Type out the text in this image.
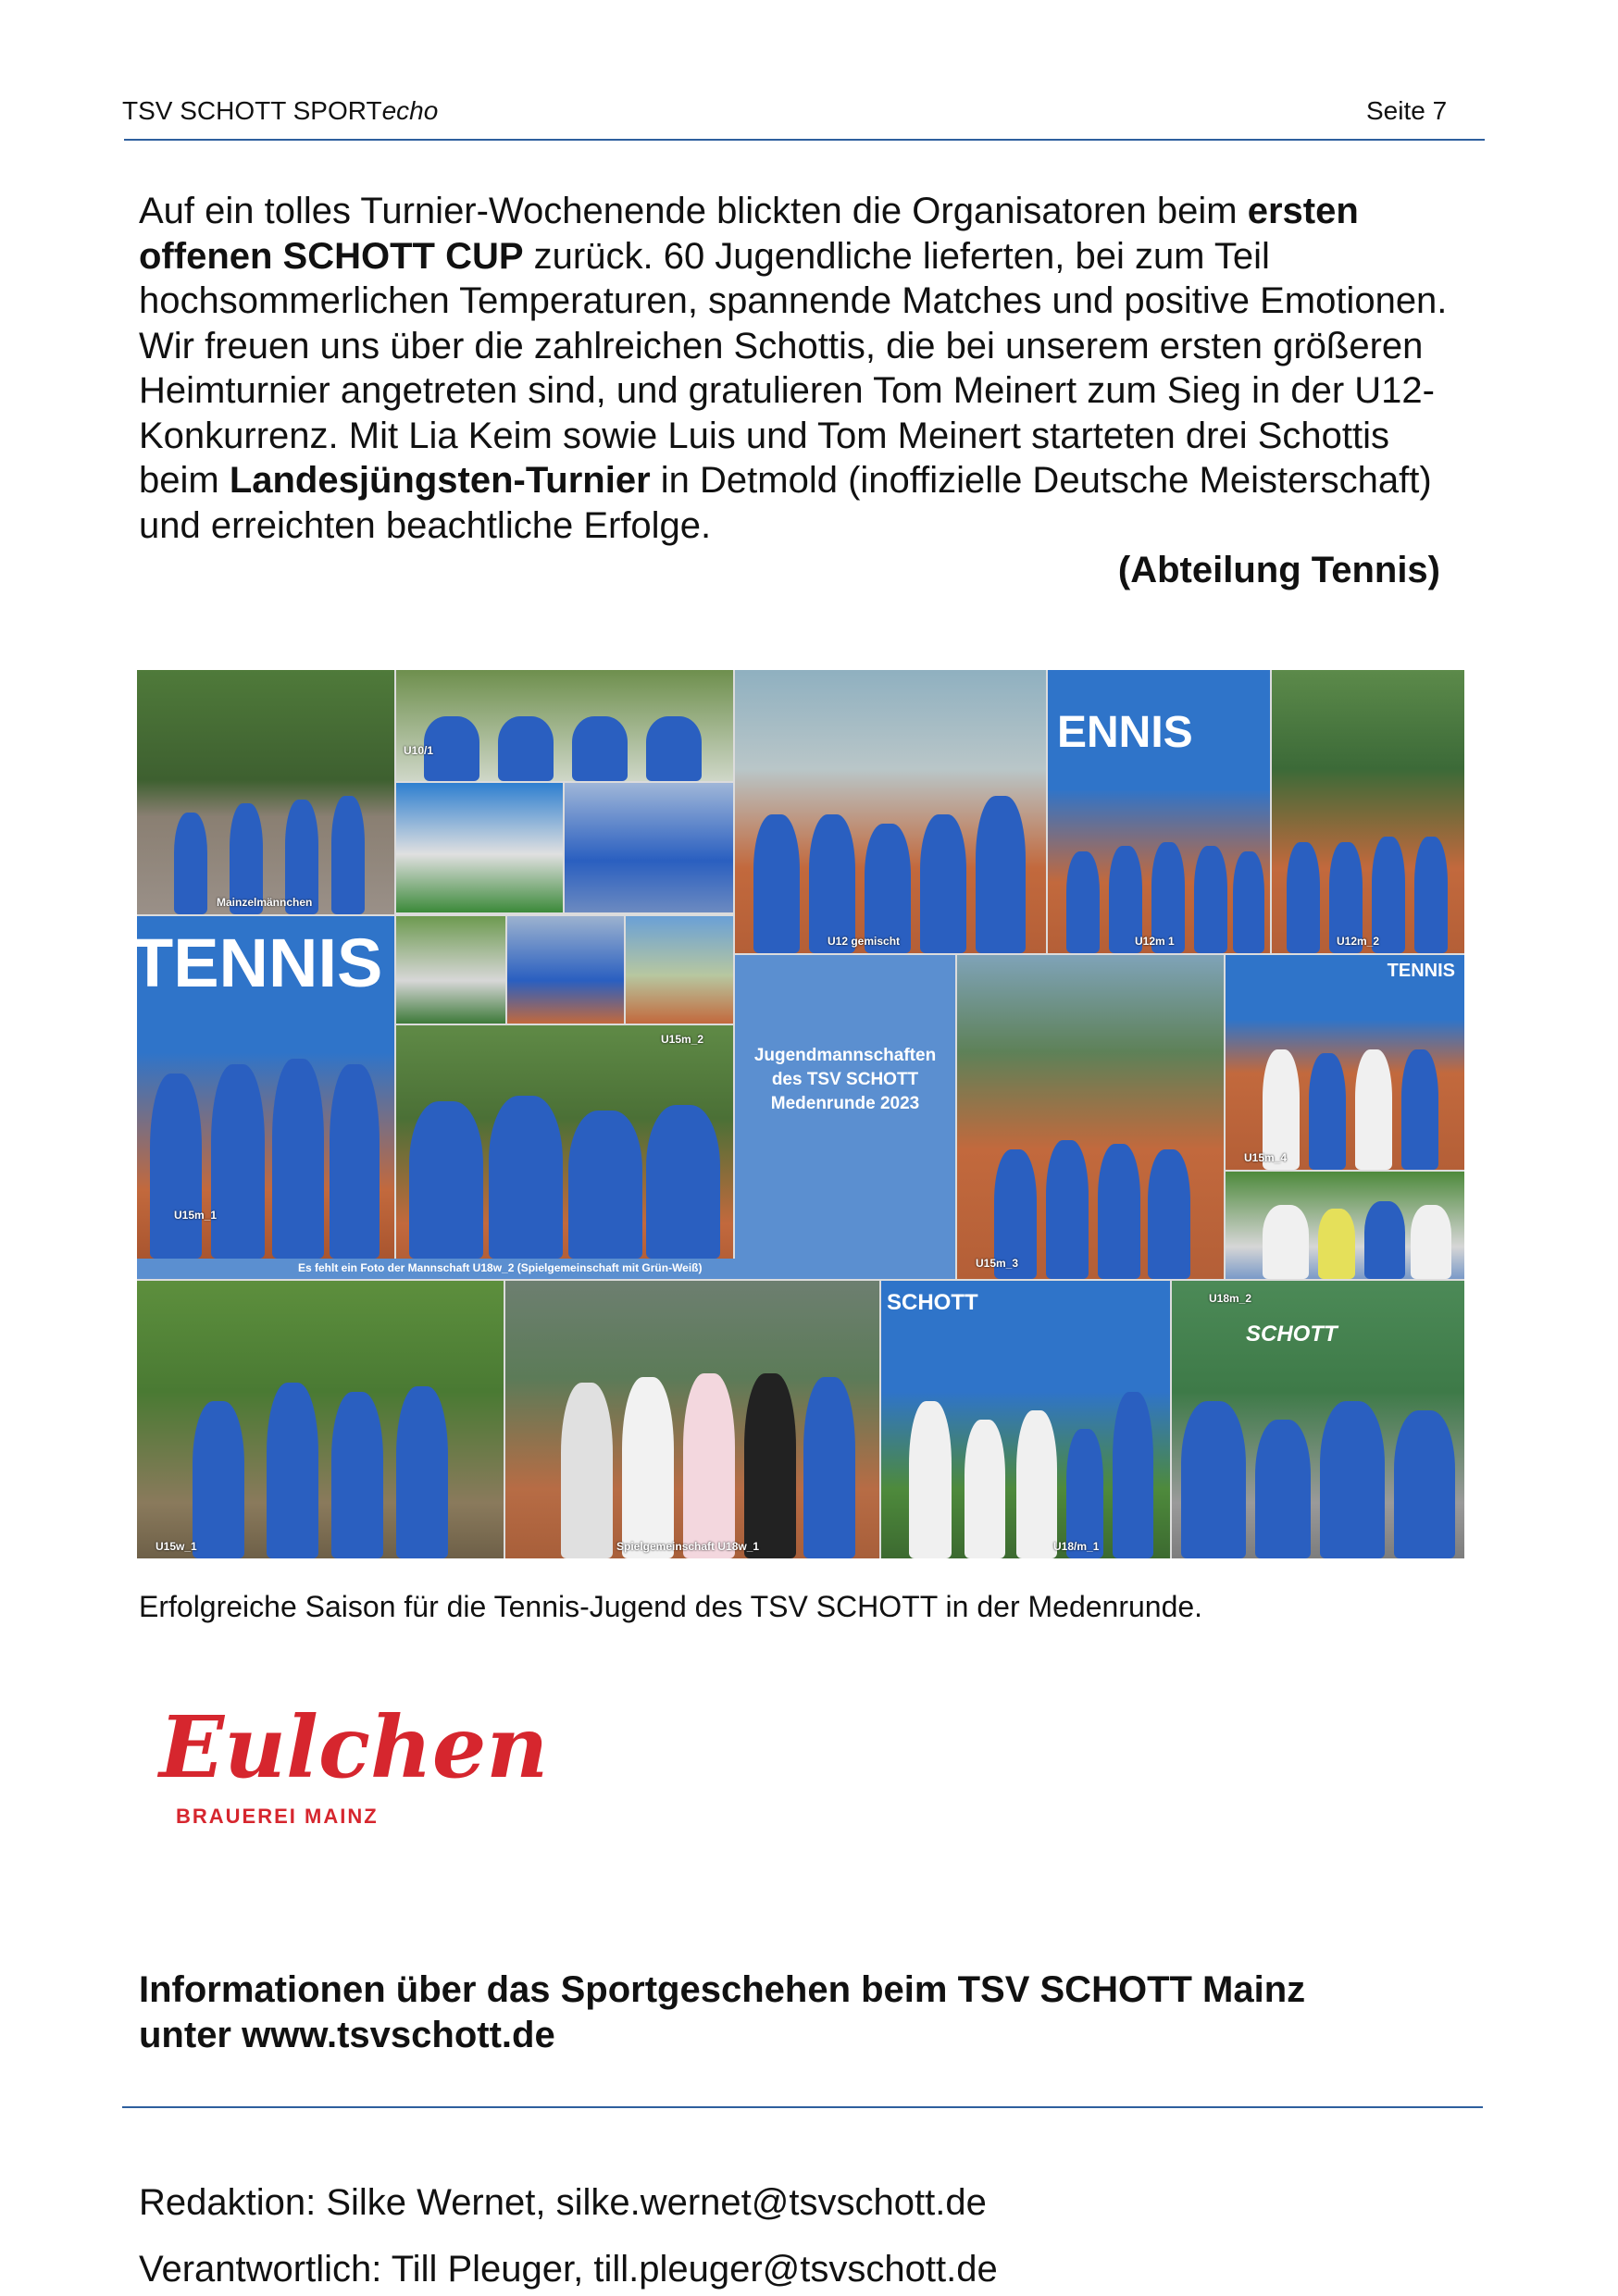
TSV SCHOTT SPORTecho	Seite 7
Auf ein tolles Turnier-Wochenende blickten die Organisatoren beim ersten offenen SCHOTT CUP zurück. 60 Jugendliche lieferten, bei zum Teil hochsommerlichen Temperaturen, spannende Matches und positive Emotionen. Wir freuen uns über die zahlreichen Schottis, die bei unserem ersten größeren Heimturnier angetreten sind, und gratulieren Tom Meinert zum Sieg in der U12-Konkurrenz. Mit Lia Keim sowie Luis und Tom Meinert starteten drei Schottis beim Landesjüngsten-Turnier in Detmold (inoffizielle Deutsche Meisterschaft) und erreichten beachtliche Erfolge.
(Abteilung Tennis)
Mainzelmännchen
U10/1
U12 gemischt
ENNIS
U12m 1	U12m_2
TENNIS
U15m_1
U15m_2
Jugendmannschaften
des TSV SCHOTT
Medenrunde 2023
U15m_3
TENNIS
U15m_4
Es fehlt ein Foto der Mannschaft U18w_2 (Spielgemeinschaft mit Grün-Weiß)
U15w_1	Spielgemeinschaft U18w_1
SCHOTT
U18/m_1
SCHOTT
U18m_2
Erfolgreiche Saison für die Tennis-Jugend des TSV SCHOTT in der Medenrunde.
Eulchen
BRAUEREI MAINZ
Informationen über das Sportgeschehen beim TSV SCHOTT Mainz
unter www.tsvschott.de
Redaktion: Silke Wernet, silke.wernet@tsvschott.de
Verantwortlich: Till Pleuger, till.pleuger@tsvschott.de
